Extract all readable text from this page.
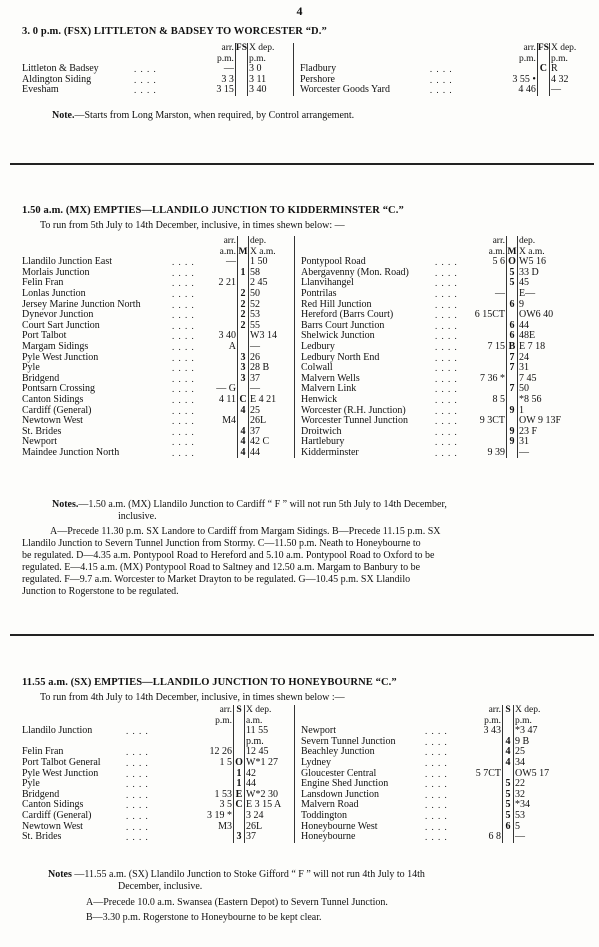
4
3. 0 p.m. (FSX) LITTLETON & BADSEY TO WORCESTER “D.”
		arr.	FS	X dep.				arr.	FS	X dep.
		p.m.		p.m.				p.m.		p.m.
Littleton & Badsey	. . . .	—		3 0		Fladbury	. . . .		C	R
Aldington Siding	. . . .	3 3		3 11		Pershore	. . . .	3 55 •		4 32
Evesham	. . . .	3 15		3 40		Worcester Goods Yard	. . . .	4 46		—
Note.—Starts from Long Marston, when required, by Control arrangement.
1.50 a.m. (MX) EMPTIES—LLANDILO JUNCTION TO KIDDERMINSTER “C.”
To run from 5th July to 14th December, inclusive, in times shewn below: —
		arr.		dep.				arr.		dep.
		a.m.	M	X a.m.				a.m.	M	X a.m.
Llandilo Junction East	. . . .	—		1 50		Pontypool Road	. . . .	5 6	O	W5 16
Morlais Junction	. . . .		1	58		Abergavenny (Mon. Road)	. . . .		5	33 D
Felin Fran	. . . .	2 21		2 45		Llanvihangel	. . . .		5	45
Lonlas Junction	. . . .		2	50		Pontrilas	. . . .	—		E—
Jersey Marine Junction North	. . . .		2	52		Red Hill Junction	. . . .		6	9
Dynevor Junction	. . . .		2	53		Hereford (Barrs Court)	. . . .	6 15CT		OW6 40
Court Sart Junction	. . . .		2	55		Barrs Court Junction	. . . .		6	44
Port Talbot	. . . .	3 40		W3 14		Shelwick Junction	. . . .		6	48E
Margam Sidings	. . . .	A		—		Ledbury	. . . .	7 15	B	E 7 18
Pyle West Junction	. . . .		3	26		Ledbury North End	. . . .		7	24
Pyle	. . . .		3	28 B		Colwall	. . . .		7	31
Bridgend	. . . .		3	37		Malvern Wells	. . . .	7 36 *		7 45
Pontsarn Crossing	. . . .	— G		—		Malvern Link	. . . .		7	50
Canton Sidings	. . . .	4 11	C	E 4 21		Henwick	. . . .	8 5		*8 56
Cardiff (General)	. . . .		4	25		Worcester (R.H. Junction)	. . . .		9	1
Newtown West	. . . .	M4		26L		Worcester Tunnel Junction	. . . .	9 3CT		OW 9 13F
St. Brides	. . . .		4	37		Droitwich	. . . .		9	23 F
Newport	. . . .		4	42 C		Hartlebury	. . . .		9	31
Maindee Junction North	. . . .		4	44		Kidderminster	. . . .	9 39		—
Notes.—1.50 a.m. (MX) Llandilo Junction to Cardiff “ F ” will not run 5th July to 14th December,
inclusive.
A—Precede 11.30 p.m. SX Landore to Cardiff from Margam Sidings. B—Precede 11.15 p.m. SX
Llandilo Junction to Severn Tunnel Junction from Stormy. C—11.50 p.m. Neath to Honeybourne to
be regulated. D—4.35 a.m. Pontypool Road to Hereford and 5.10 a.m. Pontypool Road to Oxford to be
regulated. E—4.15 a.m. (MX) Pontypool Road to Saltney and 12.50 a.m. Margam to Banbury to be
regulated. F—9.7 a.m. Worcester to Market Drayton to be regulated. G—10.45 p.m. SX Llandilo
Junction to Rogerstone to be regulated.
11.55 a.m. (SX) EMPTIES—LLANDILO JUNCTION TO HONEYBOURNE “C.”
To run from 4th July to 14th December, inclusive, in times shewn below :—
		arr.	S	X dep.				arr.	S	X dep.
		p.m.		a.m.				p.m.		p.m.
Llandilo Junction	. . . .			11 55		Newport	. . . .	3 43		*3 47
				p.m.		Severn Tunnel Junction	. . . .		4	9 B
Felin Fran	. . . .	12 26		12 45		Beachley Junction	. . . .		4	25
Port Talbot General	. . . .	1 5	O	W*1 27		Lydney	. . . .		4	34
Pyle West Junction	. . . .		1	42		Gloucester Central	. . . .	5 7CT		OW5 17
Pyle	. . . .		1	44		Engine Shed Junction	. . . .		5	22
Bridgend	. . . .	1 53	E	W*2 30		Lansdown Junction	. . . .		5	32
Canton Sidings	. . . .	3 5	C	E 3 15 A		Malvern Road	. . . .		5	*34
Cardiff (General)	. . . .	3 19 *		3 24		Toddington	. . . .		5	53
Newtown West	. . . .	M3		26L		Honeybourne West	. . . .		6	5
St. Brides	. . . .		3	37		Honeybourne	. . . .	6 8		—
Notes —11.55 a.m. (SX) Llandilo Junction to Stoke Gifford “ F ” will not run 4th July to 14th
December, inclusive.
A—Precede 10.0 a.m. Swansea (Eastern Depot) to Severn Tunnel Junction.
B—3.30 p.m. Rogerstone to Honeybourne to be kept clear.
